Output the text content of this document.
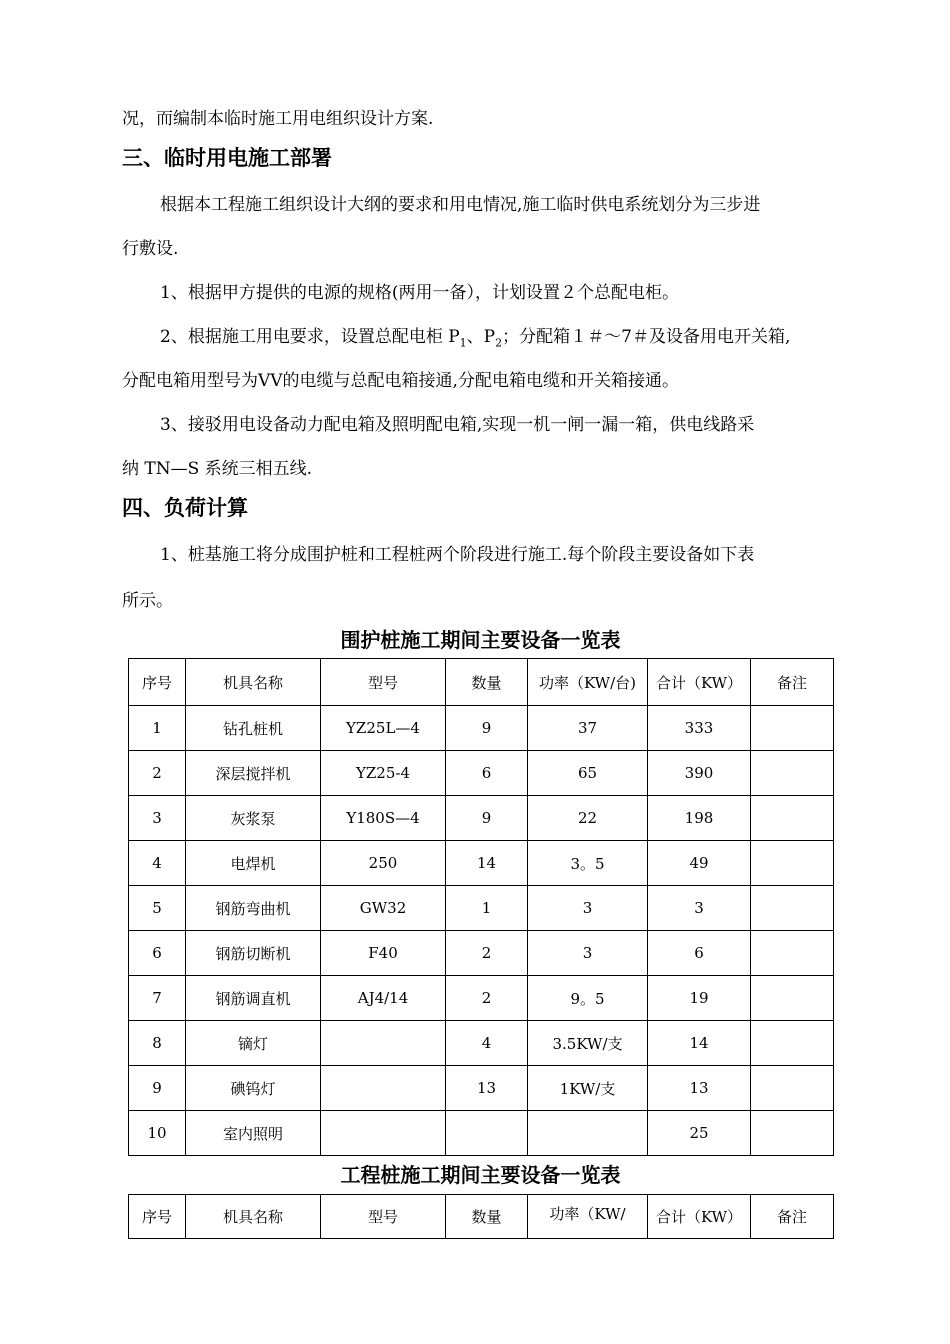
况，而编制本临时施工用电组织设计方案.
三、临时用电施工部署
根据本工程施工组织设计大纲的要求和用电情况,施工临时供电系统划分为三步进
行敷设.
1、根据甲方提供的电源的规格(两用一备），计划设置２个总配电柜。
2、根据施工用电要求，设置总配电柜 $P_1$、$P_2$；分配箱１＃～7＃及设备用电开关箱,
分配电箱用型号为VV的电缆与总配电箱接通,分配电箱电缆和开关箱接通。
3、接驳用电设备动力配电箱及照明配电箱,实现一机一闸一漏一箱，供电线路采
纳 TN—S 系统三相五线.
四、负荷计算
1、桩基施工将分成围护桩和工程桩两个阶段进行施工.每个阶段主要设备如下表
所示。
围护桩施工期间主要设备一览表
序号	机具名称	型号	数量	功率（KW/台)	合计（KW）	备注
1	钻孔桩机	YZ25L—4	9	37	333	
2	深层搅拌机	YZ25-4	6	65	390	
3	灰浆泵	Y180S—4	9	22	198	
4	电焊机	250	14	3。5	49	
5	钢筋弯曲机	GW32	1	3	3	
6	钢筋切断机	F40	2	3	6	
7	钢筋调直机	AJ4/14	2	9。5	19	
8	镝灯		4	3.5KW/支	14	
9	碘钨灯		13	1KW/支	13	
10	室内照明				25	
工程桩施工期间主要设备一览表
序号	机具名称	型号	数量	功率（KW/	合计（KW）	备注
